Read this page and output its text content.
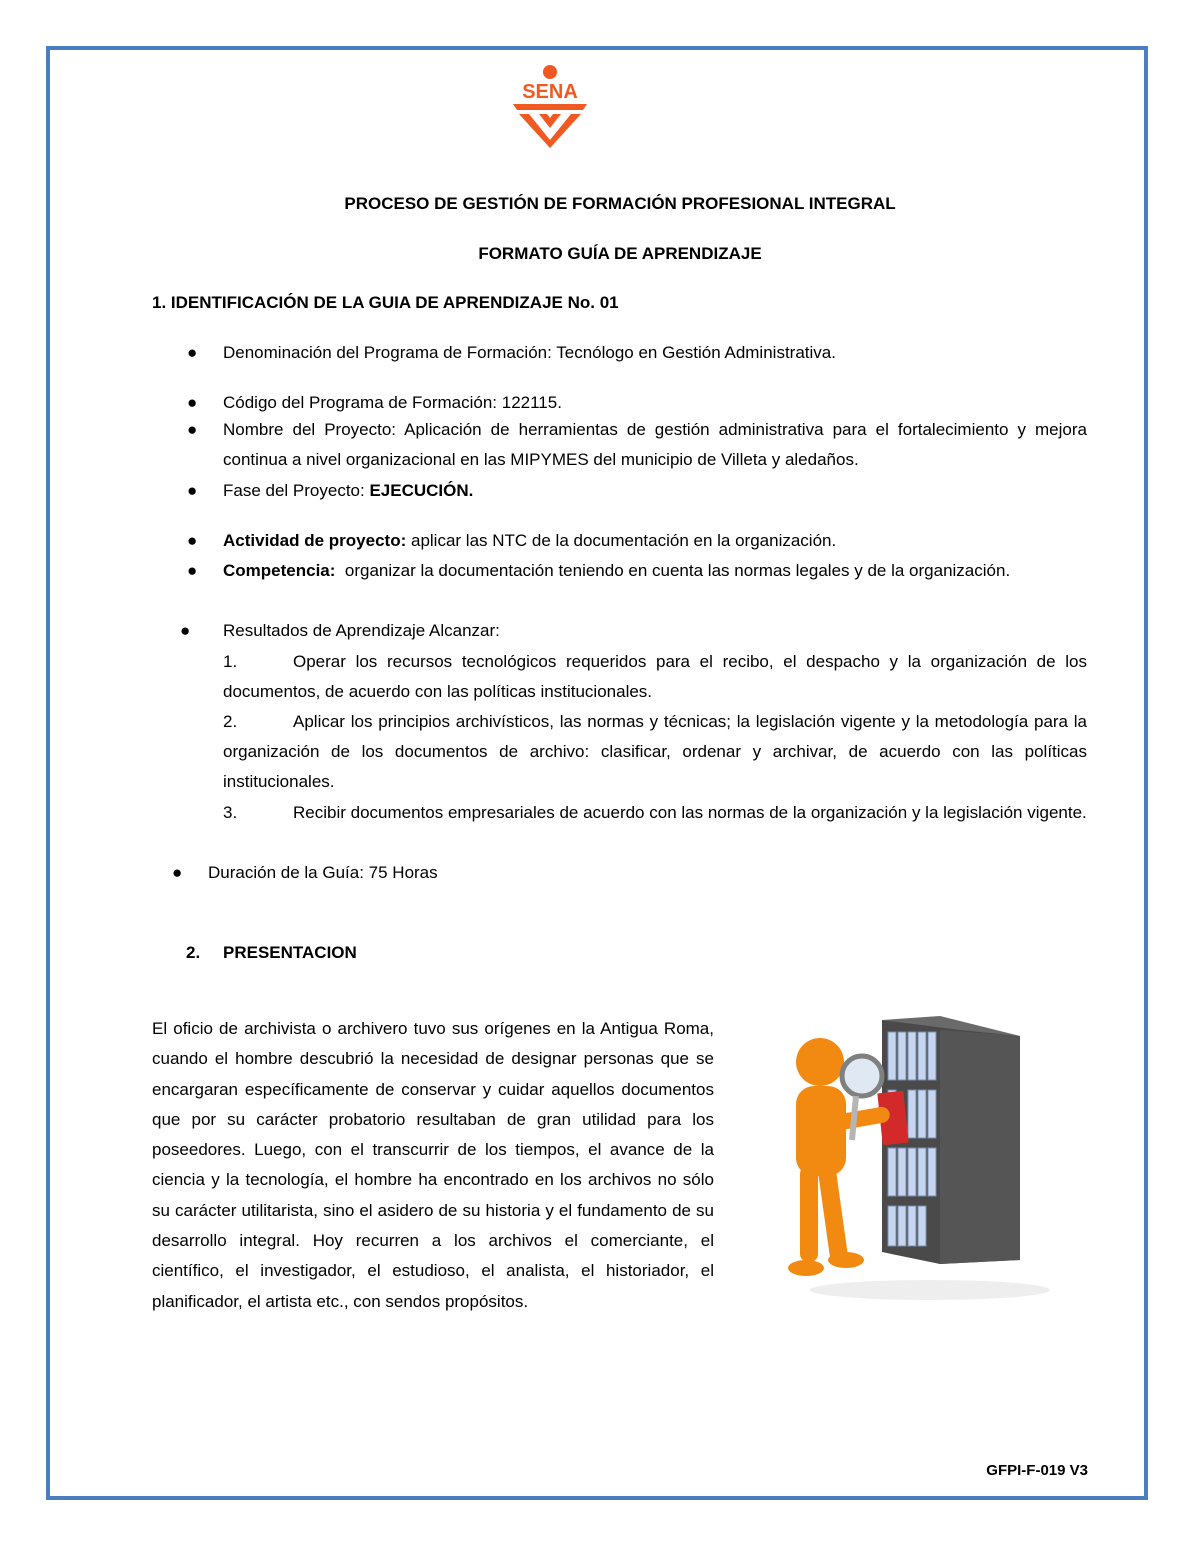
SENA
PROCESO DE GESTIÓN DE FORMACIÓN PROFESIONAL INTEGRAL
FORMATO GUÍA DE APRENDIZAJE
1. IDENTIFICACIÓN DE LA GUIA DE APRENDIZAJE No. 01
● Denominación del Programa de Formación: Tecnólogo en Gestión Administrativa.
● Código del Programa de Formación: 122115.
● Nombre del Proyecto: Aplicación de herramientas de gestión administrativa para el fortalecimiento y mejora continua a nivel organizacional en las MIPYMES del municipio de Villeta y aledaños.
● Fase del Proyecto: EJECUCIÓN.
● Actividad de proyecto: aplicar las NTC de la documentación en la organización.
● Competencia:  organizar la documentación teniendo en cuenta las normas legales y de la organización.
● Resultados de Aprendizaje Alcanzar:
1.	Operar los recursos tecnológicos requeridos para el recibo, el despacho y la organización de los documentos, de acuerdo con las políticas institucionales.
2.	Aplicar los principios archivísticos, las normas y técnicas; la legislación vigente y la metodología para la organización de los documentos de archivo: clasificar, ordenar y archivar, de acuerdo con las políticas institucionales.
3.	Recibir documentos empresariales de acuerdo con las normas de la organización y la legislación vigente.
● Duración de la Guía: 75 Horas
2. PRESENTACION
El oficio de archivista o archivero tuvo sus orígenes en la Antigua Roma, cuando el hombre descubrió la necesidad de designar personas que se encargaran específicamente de conservar y cuidar aquellos documentos que por su carácter probatorio resultaban de gran utilidad para los poseedores. Luego, con el transcurrir de los tiempos, el avance de la ciencia y la tecnología, el hombre ha encontrado en los archivos no sólo su carácter utilitarista, sino el asidero de su historia y el fundamento de su desarrollo integral. Hoy recurren a los archivos el comerciante, el científico, el investigador, el estudioso, el analista, el historiador, el planificador, el artista etc., con sendos propósitos.
GFPI-F-019 V3
